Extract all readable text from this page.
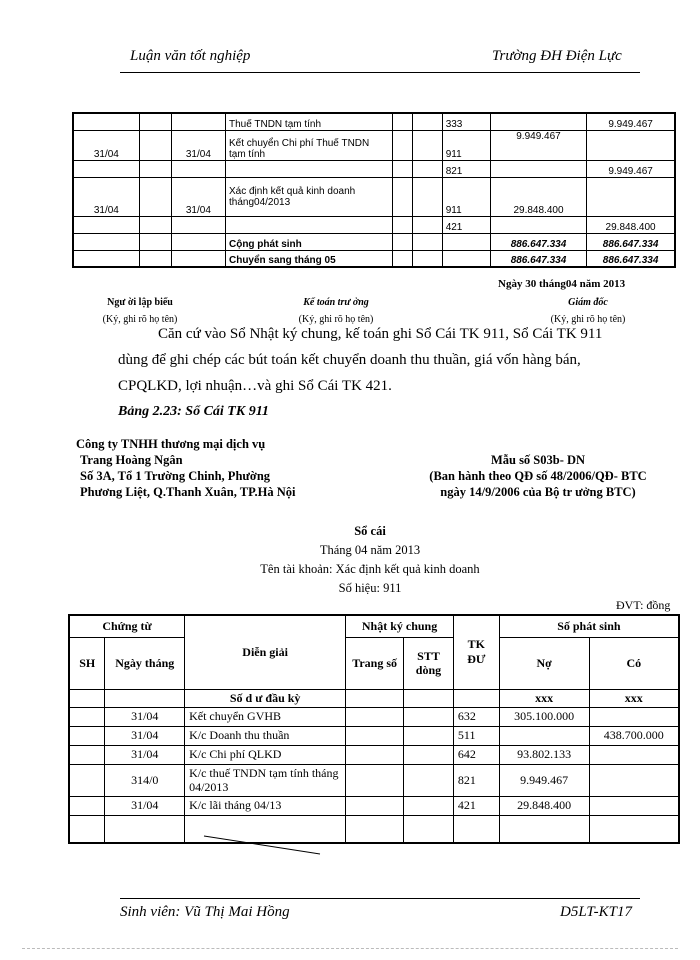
Luận văn tốt nghiệp	Trường ĐH Điện Lực
			Thuế TNDN tạm tính			333		9.949.467
31/04		31/04	Kết chuyển Chi phí Thuế TNDN tạm tính			911	9.949.467	
						821		9.949.467
31/04		31/04	Xác định kết quả kinh doanh tháng04/2013			911	29.848.400	
						421		29.848.400
			Cộng phát sinh				886.647.334	886.647.334
			Chuyển sang tháng 05				886.647.334	886.647.334
Ngày 30 tháng04 năm 2013
Ngư ời lập biểu
(Ký, ghi rõ họ tên)
Kế toán trư ởng
(Ký, ghi rõ họ tên)
Giám đốc
(Ký, ghi rõ họ tên)
Căn cứ vào Sổ Nhật ký chung, kế toán ghi Sổ Cái TK 911, Sổ Cái TK 911
dùng để ghi chép các bút toán kết chuyển doanh thu thuần, giá vốn hàng bán,
CPQLKD, lợi nhuận…và ghi Sổ Cái TK 421.
Bảng 2.23: Sổ Cái TK 911
Công ty TNHH thương mại dịch vụ
Trang Hoàng Ngân
Số 3A, Tổ 1 Trường Chinh, Phường
Phương Liệt, Q.Thanh Xuân, TP.Hà Nội
Mẫu số S03b- DN
(Ban hành theo QĐ số 48/2006/QĐ- BTC
ngày 14/9/2006 của Bộ tr ưởng BTC)
Sổ cái
Tháng 04 năm 2013
Tên tài khoản: Xác định kết quả kinh doanh
Số hiệu: 911
ĐVT: đồng
Chứng từ		Diễn giải	Nhật ký chung		TK ĐƯ	Số phát sinh	
SH	Ngày tháng		Trang số	STT dòng		Nợ	Có
		Số d ư đầu kỳ				xxx	xxx
	31/04	Kết chuyển GVHB			632	305.100.000	
	31/04	K/c Doanh thu thuần			511		438.700.000
	31/04	K/c Chi phí QLKD			642	93.802.133	
	314/0	K/c thuế TNDN tạm tính tháng 04/2013			821	9.949.467	
	31/04	K/c lãi tháng 04/13			421	29.848.400	

Sinh viên: Vũ Thị Mai Hồng	D5LT-KT17
